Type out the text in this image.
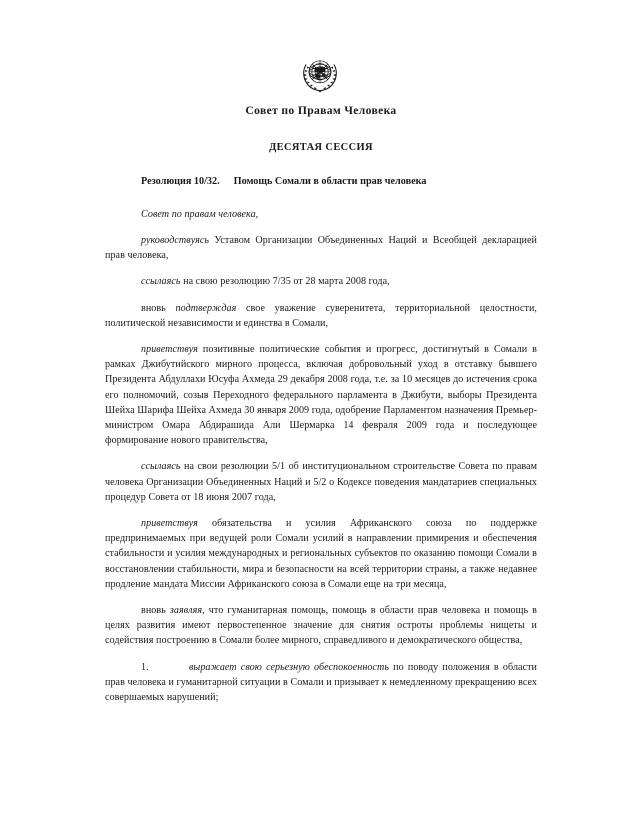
Совет по Правам Человека
ДЕСЯТАЯ СЕССИЯ
Резолюция 10/32. Помощь Сомали в области прав человека

Совет по правам человека,

руководствуясь Уставом Организации Объединенных Наций и Всеобщей декларацией прав человека,

ссылаясь на свою резолюцию 7/35 от 28 марта 2008 года,

вновь подтверждая свое уважение суверенитета, территориальной целостности, политической независимости и единства в Сомали,

приветствуя позитивные политические события и прогресс, достигнутый в Сомали в рамках Джибутийского мирного процесса, включая добровольный уход в отставку бывшего Президента Абдуллахи Юсуфа Ахмеда 29 декабря 2008 года, т.е. за 10 месяцев до истечения срока его полномочий, созыв Переходного федерального парламента в Джибути, выборы Президента Шейха Шарифа Шейха Ахмеда 30 января 2009 года, одобрение Парламентом назначения Премьер-министром Омара Абдирашида Али Шермарка 14 февраля 2009 года и последующее формирование нового правительства,

ссылаясь на свои резолюции 5/1 об институциональном строительстве Совета по правам человека Организации Объединенных Наций и 5/2 о Кодексе поведения мандатариев специальных процедур Совета от 18 июня 2007 года,

приветствуя обязательства и усилия Африканского союза по поддержке предпринимаемых при ведущей роли Сомали усилий в направлении примирения и обеспечения стабильности и усилия международных и региональных субъектов по оказанию помощи Сомали в восстановлении стабильности, мира и безопасности на всей территории страны, а также недавнее продление мандата Миссии Африканского союза в Сомали еще на три месяца,

вновь заявляя, что гуманитарная помощь, помощь в области прав человека и помощь в целях развития имеют первостепенное значение для снятия остроты проблемы нищеты и содействия построению в Сомали более мирного, справедливого и демократического общества,

1.	выражает свою серьезную обеспокоенность по поводу положения в области прав человека и гуманитарной ситуации в Сомали и призывает к немедленному прекращению всех совершаемых нарушений;
